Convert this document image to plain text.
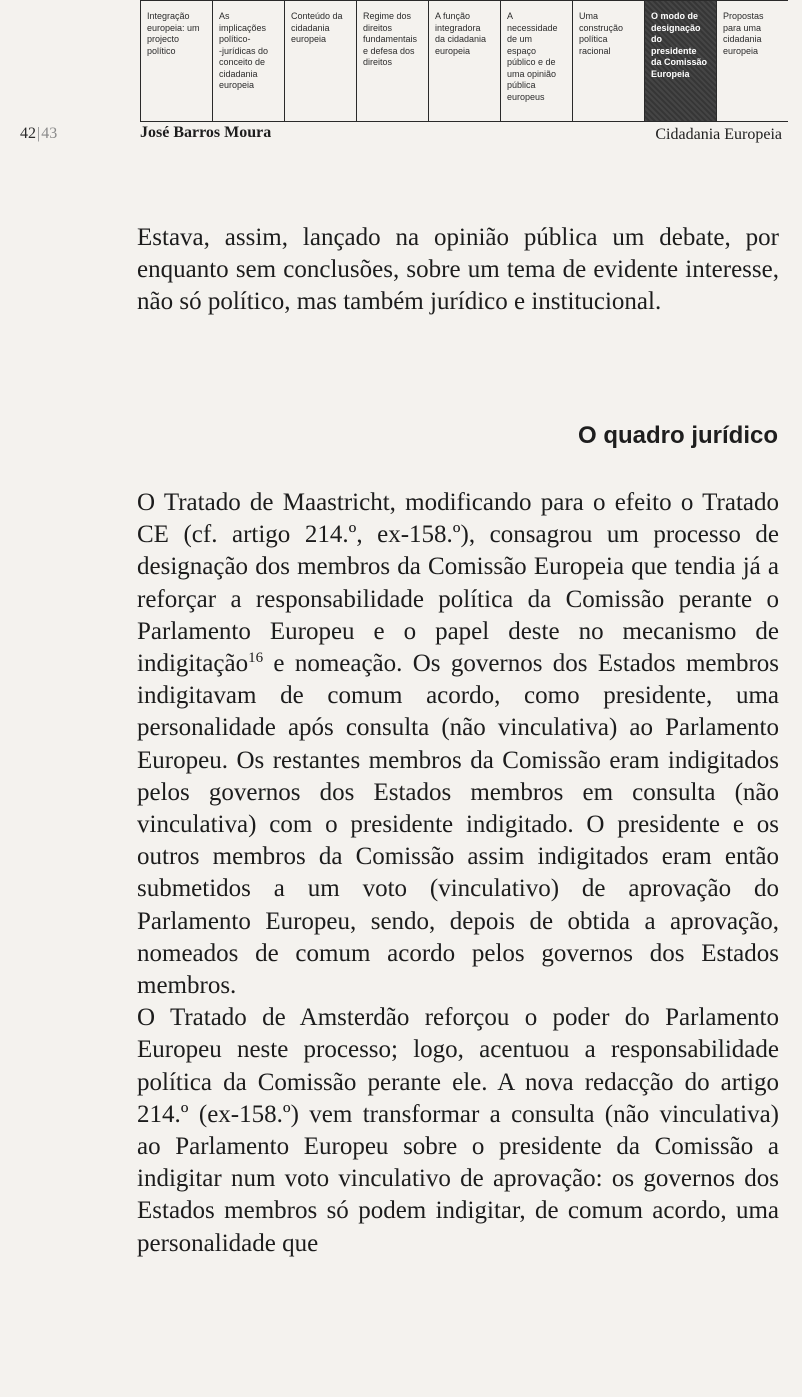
Integração
europeia: um
projecto
político
As
implicações
político-
-jurídicas do
conceito de
cidadania
europeia
Conteúdo da
cidadania
europeia
Regime dos
direitos
fundamentais
e defesa dos
direitos
A função
integradora
da cidadania
europeia
A
necessidade
de um
espaço
público e de
uma opinião
pública
europeus
Uma
construção
política
racional
O modo de
designação
do
presidente
da Comissão
Europeia
Propostas
para uma
cidadania
europeia
42|43	José Barros Moura	Cidadania Europeia

Estava, assim, lançado na opinião pública um debate, por enquanto sem conclusões, sobre um tema de evidente interesse, não só político, mas também jurídico e institucional.

O quadro jurídico

O Tratado de Maastricht, modificando para o efeito o Tratado CE (cf. artigo 214.º, ex-158.º), consagrou um processo de designação dos membros da Comissão Europeia que tendia já a reforçar a responsabilidade política da Comissão perante o Parlamento Europeu e o papel deste no mecanismo de indigitação$^{16}$ e nomeação. Os governos dos Estados membros indigitavam de comum acordo, como presidente, uma personalidade após consulta (não vinculativa) ao Parlamento Europeu. Os restantes membros da Comissão eram indigitados pelos governos dos Estados membros em consulta (não vinculativa) com o presidente indigitado. O presidente e os outros membros da Comissão assim indigitados eram então submetidos a um voto (vinculativo) de aprovação do Parlamento Europeu, sendo, depois de obtida a aprovação, nomeados de comum acordo pelos governos dos Estados membros.

O Tratado de Amsterdão reforçou o poder do Parlamento Europeu neste processo; logo, acentuou a responsabilidade política da Comissão perante ele. A nova redacção do artigo 214.º (ex-158.º) vem transformar a consulta (não vinculativa) ao Parlamento Europeu sobre o presidente da Comissão a indigitar num voto vinculativo de aprovação: os governos dos Estados membros só podem indigitar, de comum acordo, uma personalidade que
